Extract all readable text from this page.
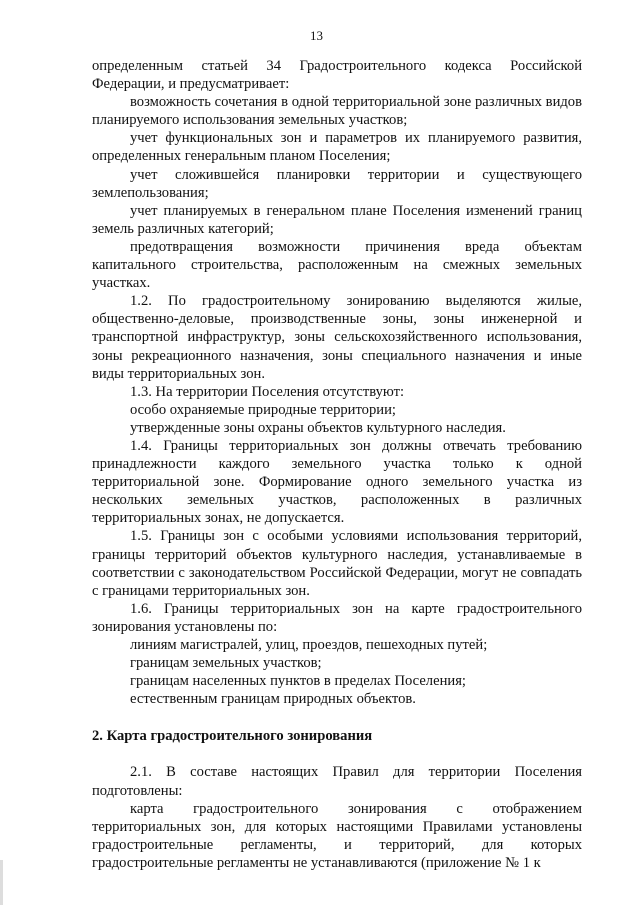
13

определенным статьей 34 Градостроительного кодекса Российской Федерации, и предусматривает:

возможность сочетания в одной территориальной зоне различных видов планируемого использования земельных участков;

учет функциональных зон и параметров их планируемого развития, определенных генеральным планом Поселения;

учет сложившейся планировки территории и существующего землепользования;

учет планируемых в генеральном плане Поселения изменений границ земель различных категорий;

предотвращения возможности причинения вреда объектам капитального строительства, расположенным на смежных земельных участках.

1.2. По градостроительному зонированию выделяются жилые, общественно-деловые, производственные зоны, зоны инженерной и транспортной инфраструктур, зоны сельскохозяйственного использования, зоны рекреационного назначения, зоны специального назначения и иные виды территориальных зон.

1.3. На территории Поселения отсутствуют:

особо охраняемые природные территории;

утвержденные зоны охраны объектов культурного наследия.

1.4. Границы территориальных зон должны отвечать требованию принадлежности каждого земельного участка только к одной территориальной зоне. Формирование одного земельного участка из нескольких земельных участков, расположенных в различных территориальных зонах, не допускается.

1.5. Границы зон с особыми условиями использования территорий, границы территорий объектов культурного наследия, устанавливаемые в соответствии с законодательством Российской Федерации, могут не совпадать с границами территориальных зон.

1.6. Границы территориальных зон на карте градостроительного зонирования установлены по:

линиям магистралей, улиц, проездов, пешеходных путей;

границам земельных участков;

границам населенных пунктов в пределах Поселения;

естественным границам природных объектов.

2. Карта градостроительного зонирования

2.1. В составе настоящих Правил для территории Поселения подготовлены:

карта градостроительного зонирования с отображением территориальных зон, для которых настоящими Правилами установлены градостроительные регламенты, и территорий, для которых градостроительные регламенты не устанавливаются (приложение № 1 к
